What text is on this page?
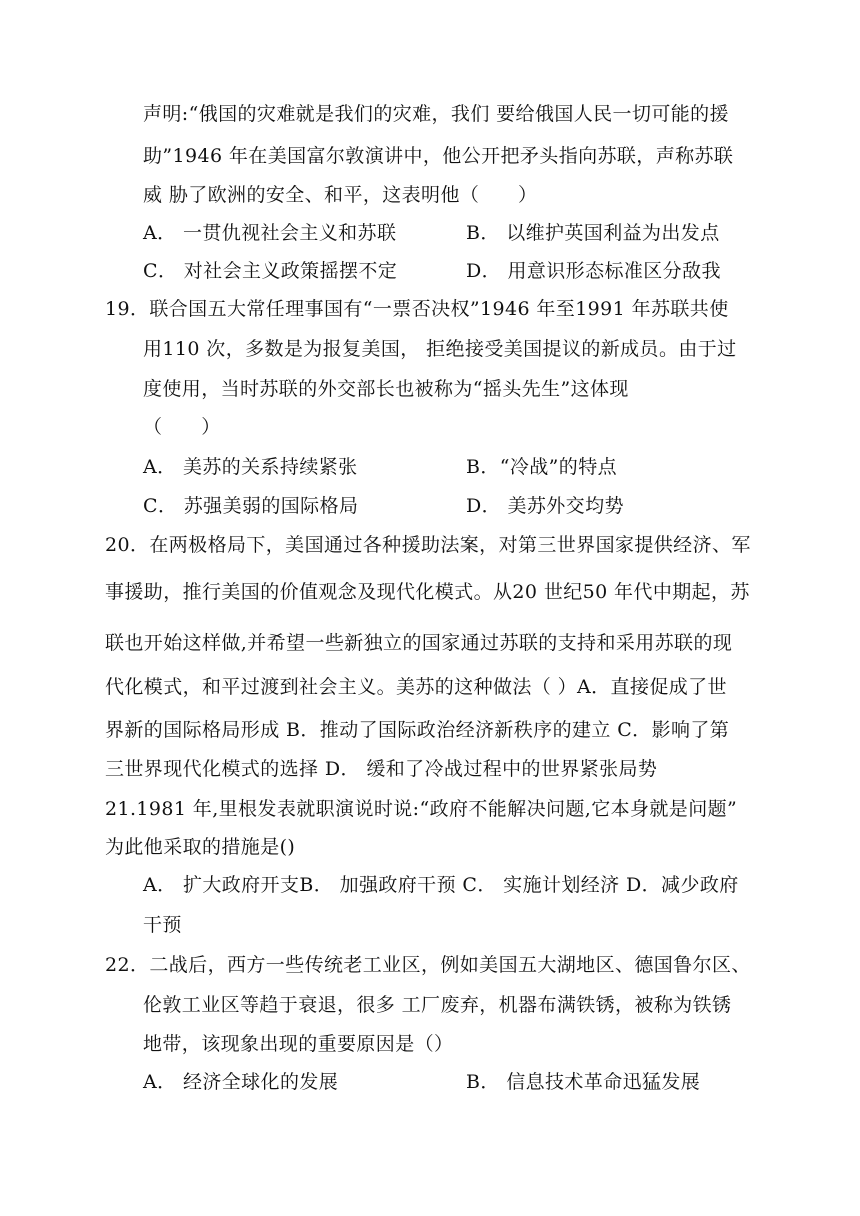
声明:“俄国的灾难就是我们的灾难，我们 要给俄国人民一切可能的援
助”1946 年在美国富尔敦演讲中，他公开把矛头指向苏联，声称苏联
威 胁了欧洲的安全、和平，这表明他（　　）
A． 一贯仇视社会主义和苏联	B． 以维护英国利益为出发点
C． 对社会主义政策摇摆不定	D． 用意识形态标准区分敌我
19．联合国五大常任理事国有“一票否决权”1946 年至1991 年苏联共使
用110 次，多数是为报复美国， 拒绝接受美国提议的新成员。由于过
度使用，当时苏联的外交部长也被称为“摇头先生”这体现
（　　）
A． 美苏的关系持续紧张	B．“冷战”的特点
C． 苏强美弱的国际格局	D． 美苏外交均势
20．在两极格局下，美国通过各种援助法案，对第三世界国家提供经济、军
事援助，推行美国的价值观念及现代化模式。从20 世纪50 年代中期起，苏
联也开始这样做,并希望一些新独立的国家通过苏联的支持和采用苏联的现
代化模式，和平过渡到社会主义。美苏的这种做法（ ）A．直接促成了世
界新的国际格局形成 B．推动了国际政治经济新秩序的建立 C．影响了第
三世界现代化模式的选择 D． 缓和了冷战过程中的世界紧张局势
21.1981 年,里根发表就职演说时说:“政府不能解决问题,它本身就是问题”
为此他采取的措施是()
A． 扩大政府开支B． 加强政府干预 C． 实施计划经济 D．减少政府
干预
22．二战后，西方一些传统老工业区，例如美国五大湖地区、德国鲁尔区、
伦敦工业区等趋于衰退，很多 工厂废弃，机器布满铁锈，被称为铁锈
地带，该现象出现的重要原因是（）
A． 经济全球化的发展	B． 信息技术革命迅猛发展
